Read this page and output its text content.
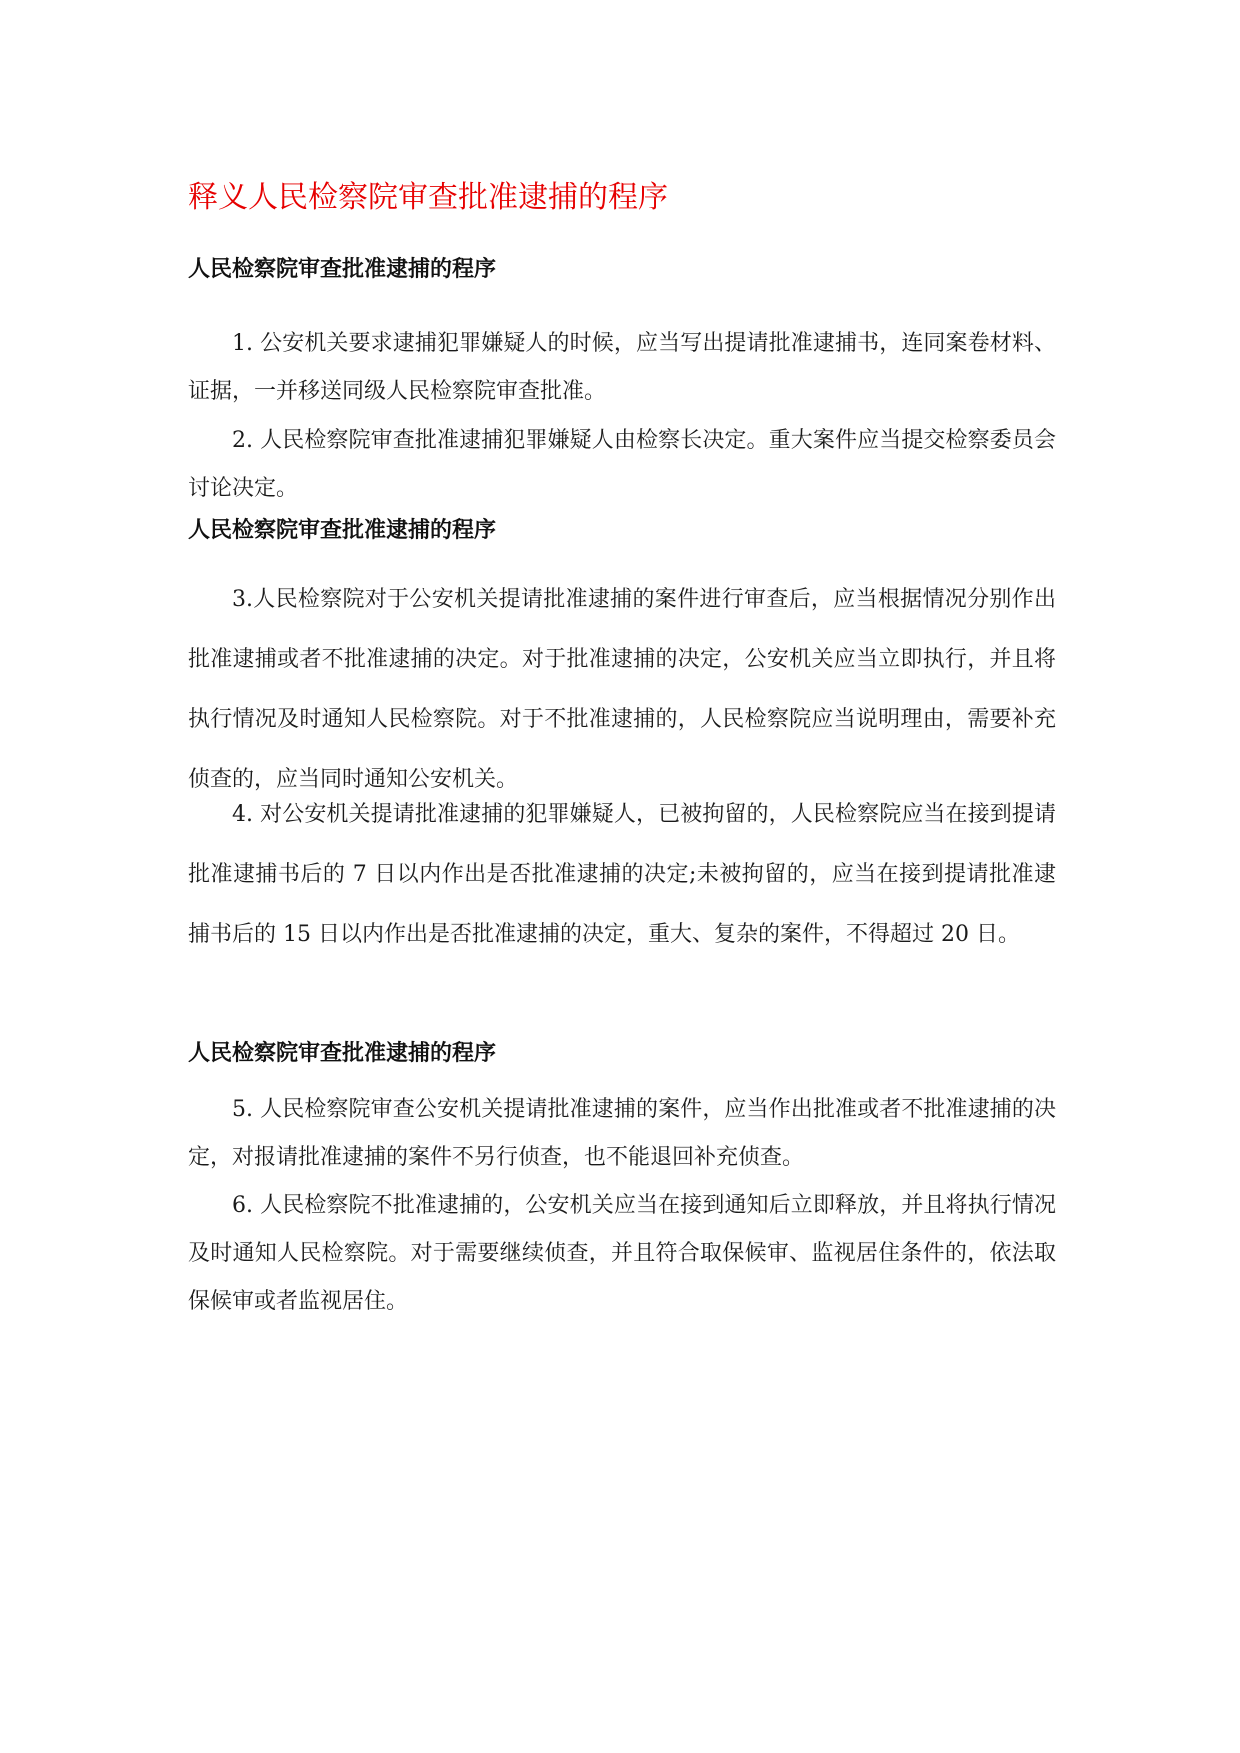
释义人民检察院审查批准逮捕的程序
人民检察院审查批准逮捕的程序

1. 公安机关要求逮捕犯罪嫌疑人的时候，应当写出提请批准逮捕书，连同案卷材料、证据，一并移送同级人民检察院审查批准。

2. 人民检察院审查批准逮捕犯罪嫌疑人由检察长决定。重大案件应当提交检察委员会讨论决定。

人民检察院审查批准逮捕的程序

3.人民检察院对于公安机关提请批准逮捕的案件进行审查后，应当根据情况分别作出批准逮捕或者不批准逮捕的决定。对于批准逮捕的决定，公安机关应当立即执行，并且将执行情况及时通知人民检察院。对于不批准逮捕的，人民检察院应当说明理由，需要补充侦查的，应当同时通知公安机关。

4. 对公安机关提请批准逮捕的犯罪嫌疑人，已被拘留的，人民检察院应当在接到提请批准逮捕书后的 7 日以内作出是否批准逮捕的决定;未被拘留的，应当在接到提请批准逮捕书后的 15 日以内作出是否批准逮捕的决定，重大、复杂的案件，不得超过 20 日。

人民检察院审查批准逮捕的程序

5. 人民检察院审查公安机关提请批准逮捕的案件，应当作出批准或者不批准逮捕的决定，对报请批准逮捕的案件不另行侦查，也不能退回补充侦查。

6. 人民检察院不批准逮捕的，公安机关应当在接到通知后立即释放，并且将执行情况及时通知人民检察院。对于需要继续侦查，并且符合取保候审、监视居住条件的，依法取保候审或者监视居住。
